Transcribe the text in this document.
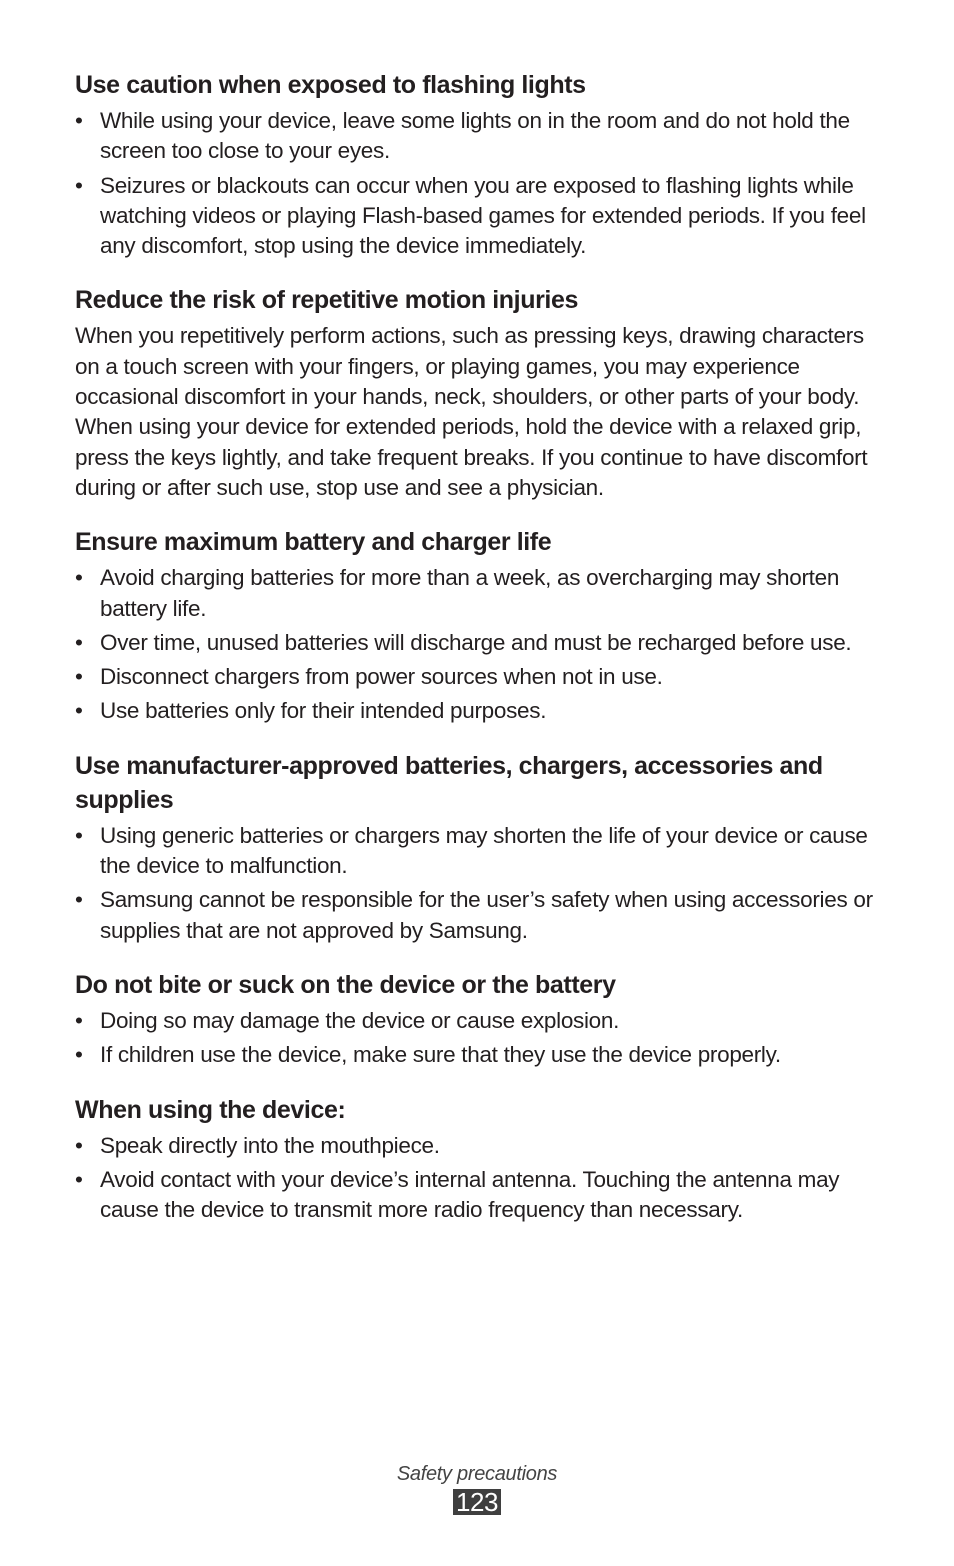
Use caution when exposed to flashing lights
• While using your device, leave some lights on in the room and do not hold the screen too close to your eyes.
• Seizures or blackouts can occur when you are exposed to flashing lights while watching videos or playing Flash-based games for extended periods. If you feel any discomfort, stop using the device immediately.
Reduce the risk of repetitive motion injuries

When you repetitively perform actions, such as pressing keys, drawing characters on a touch screen with your fingers, or playing games, you may experience occasional discomfort in your hands, neck, shoulders, or other parts of your body. When using your device for extended periods, hold the device with a relaxed grip, press the keys lightly, and take frequent breaks. If you continue to have discomfort during or after such use, stop use and see a physician.

Ensure maximum battery and charger life
• Avoid charging batteries for more than a week, as overcharging may shorten battery life.
• Over time, unused batteries will discharge and must be recharged before use.
• Disconnect chargers from power sources when not in use.
• Use batteries only for their intended purposes.
Use manufacturer-approved batteries, chargers, accessories and supplies
• Using generic batteries or chargers may shorten the life of your device or cause the device to malfunction.
• Samsung cannot be responsible for the user’s safety when using accessories or supplies that are not approved by Samsung.
Do not bite or suck on the device or the battery
• Doing so may damage the device or cause explosion.
• If children use the device, make sure that they use the device properly.
When using the device:
• Speak directly into the mouthpiece.
• Avoid contact with your device’s internal antenna. Touching the antenna may cause the device to transmit more radio frequency than necessary.
Safety precautions
123
